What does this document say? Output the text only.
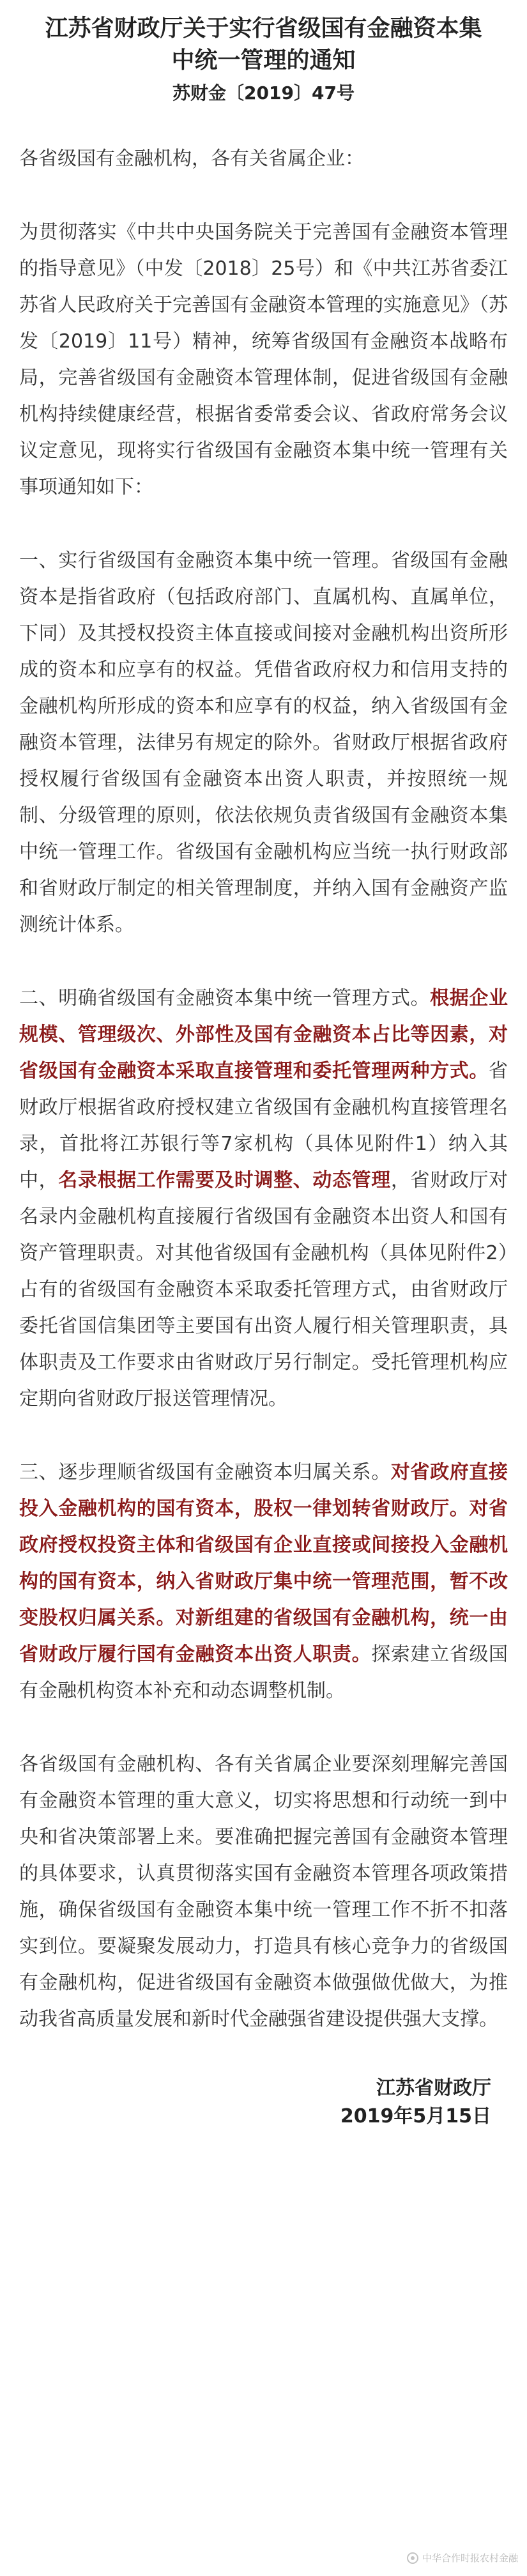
江苏省财政厅关于实行省级国有金融资本集
中统一管理的通知
苏财金〔2019〕47号

各省级国有金融机构，各有关省属企业：

为贯彻落实《中共中央国务院关于完善国有金融资本管理的指导意见》（中发〔2018〕25号）和《中共江苏省委江苏省人民政府关于完善国有金融资本管理的实施意见》（苏发〔2019〕11号）精神，统筹省级国有金融资本战略布局，完善省级国有金融资本管理体制，促进省级国有金融机构持续健康经营，根据省委常委会议、省政府常务会议议定意见，现将实行省级国有金融资本集中统一管理有关事项通知如下：

一、实行省级国有金融资本集中统一管理。省级国有金融资本是指省政府（包括政府部门、直属机构、直属单位，下同）及其授权投资主体直接或间接对金融机构出资所形成的资本和应享有的权益。凭借省政府权力和信用支持的金融机构所形成的资本和应享有的权益，纳入省级国有金融资本管理，法律另有规定的除外。省财政厅根据省政府授权履行省级国有金融资本出资人职责，并按照统一规制、分级管理的原则，依法依规负责省级国有金融资本集中统一管理工作。省级国有金融机构应当统一执行财政部和省财政厅制定的相关管理制度，并纳入国有金融资产监测统计体系。

二、明确省级国有金融资本集中统一管理方式。根据企业规模、管理级次、外部性及国有金融资本占比等因素，对省级国有金融资本采取直接管理和委托管理两种方式。省财政厅根据省政府授权建立省级国有金融机构直接管理名录，首批将江苏银行等7家机构（具体见附件1）纳入其中，名录根据工作需要及时调整、动态管理，省财政厅对名录内金融机构直接履行省级国有金融资本出资人和国有资产管理职责。对其他省级国有金融机构（具体见附件2）占有的省级国有金融资本采取委托管理方式，由省财政厅委托省国信集团等主要国有出资人履行相关管理职责，具体职责及工作要求由省财政厅另行制定。受托管理机构应定期向省财政厅报送管理情况。

三、逐步理顺省级国有金融资本归属关系。对省政府直接投入金融机构的国有资本，股权一律划转省财政厅。对省政府授权投资主体和省级国有企业直接或间接投入金融机构的国有资本，纳入省财政厅集中统一管理范围，暂不改变股权归属关系。对新组建的省级国有金融机构，统一由省财政厅履行国有金融资本出资人职责。探索建立省级国有金融机构资本补充和动态调整机制。

各省级国有金融机构、各有关省属企业要深刻理解完善国有金融资本管理的重大意义，切实将思想和行动统一到中央和省决策部署上来。要准确把握完善国有金融资本管理的具体要求，认真贯彻落实国有金融资本管理各项政策措施，确保省级国有金融资本集中统一管理工作不折不扣落实到位。要凝聚发展动力，打造具有核心竞争力的省级国有金融机构，促进省级国有金融资本做强做优做大，为推动我省高质量发展和新时代金融强省建设提供强大支撑。

江苏省财政厅

2019年5月15日

中华合作时报农村金融
